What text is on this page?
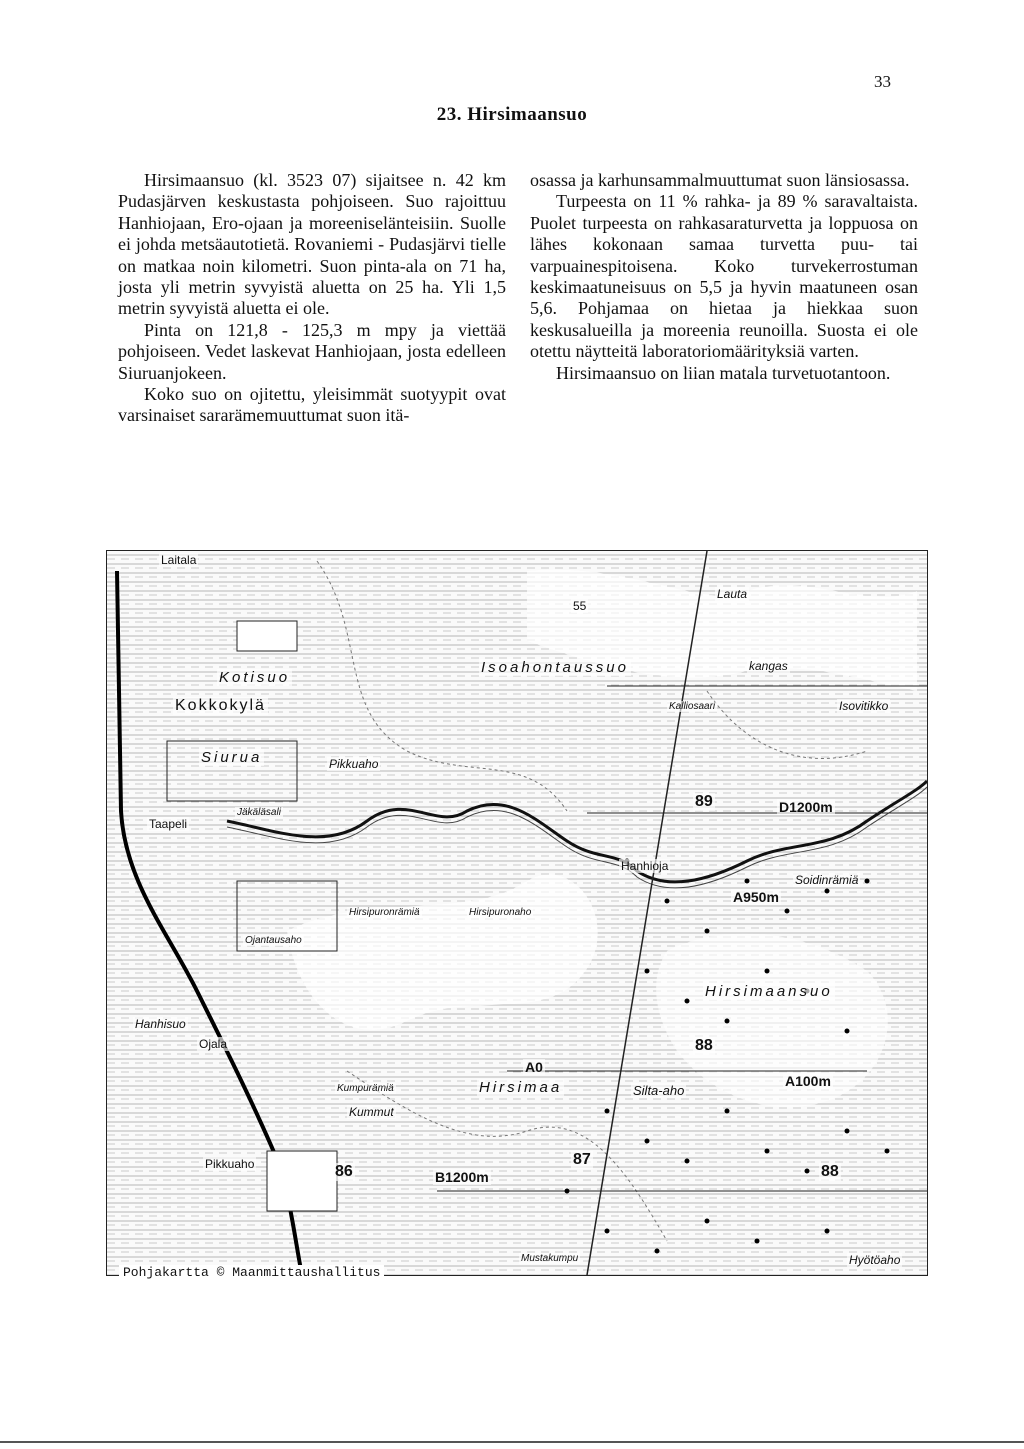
33
23. Hirsimaansuo

Hirsimaansuo (kl. 3523 07) sijaitsee n. 42 km Pudasjärven keskustasta pohjoiseen. Suo rajoittuu Hanhiojaan, Ero-ojaan ja moreeniselänteisiin. Suolle ei johda metsäautotietä. Rovaniemi - Pudasjärvi tielle on matkaa noin kilometri. Suon pinta-ala on 71 ha, josta yli metrin syvyistä aluetta on 25 ha. Yli 1,5 metrin syvyistä aluetta ei ole.

Pinta on 121,8 - 125,3 m mpy ja viettää pohjoiseen. Vedet laskevat Hanhiojaan, josta edelleen Siuruanjokeen.

Koko suo on ojitettu, yleisimmät suotyypit ovat varsinaiset sararämemuuttumat suon itä-

osassa ja karhunsammalmuuttumat suon länsiosassa.

Turpeesta on 11 % rahka- ja 89 % saravaltaista. Puolet turpeesta on rahkasaraturvetta ja loppuosa on lähes kokonaan samaa turvetta puu- tai varpuainespitoisena. Koko turvekerrostuman keskimaatuneisuus on 5,5 ja hyvin maatuneen osan 5,6. Pohjamaa on hietaa ja hiekkaa suon keskusalueilla ja moreenia reunoilla. Suosta ei ole otettu näytteitä laboratoriomäärityksiä varten.

Hirsimaansuo on liian matala turvetuotantoon.

Laitala
Kotisuo
Kokkokylä
Siurua
Isoahontaussuo
Lauta
kangas
Kalliosaari	Isovitikko
Pikkuaho
Jäkäläsali
Taapeli
Hanhioja
Soidinrämiä
Hirsipuronrämiä
Ojantausaho
Hirsipuronaho
Hirsimaansuo
Hanhisuo
Ojala
Kumpurämiä	Hirsimaa	Silta-aho
Kummut
Pikkuaho
Mustakumpu	Hyötöaho
89	D1200m
A950m
88
A100m
87
B1200m	88
86
55
A0
Pohjakartta © Maanmittaushallitus
